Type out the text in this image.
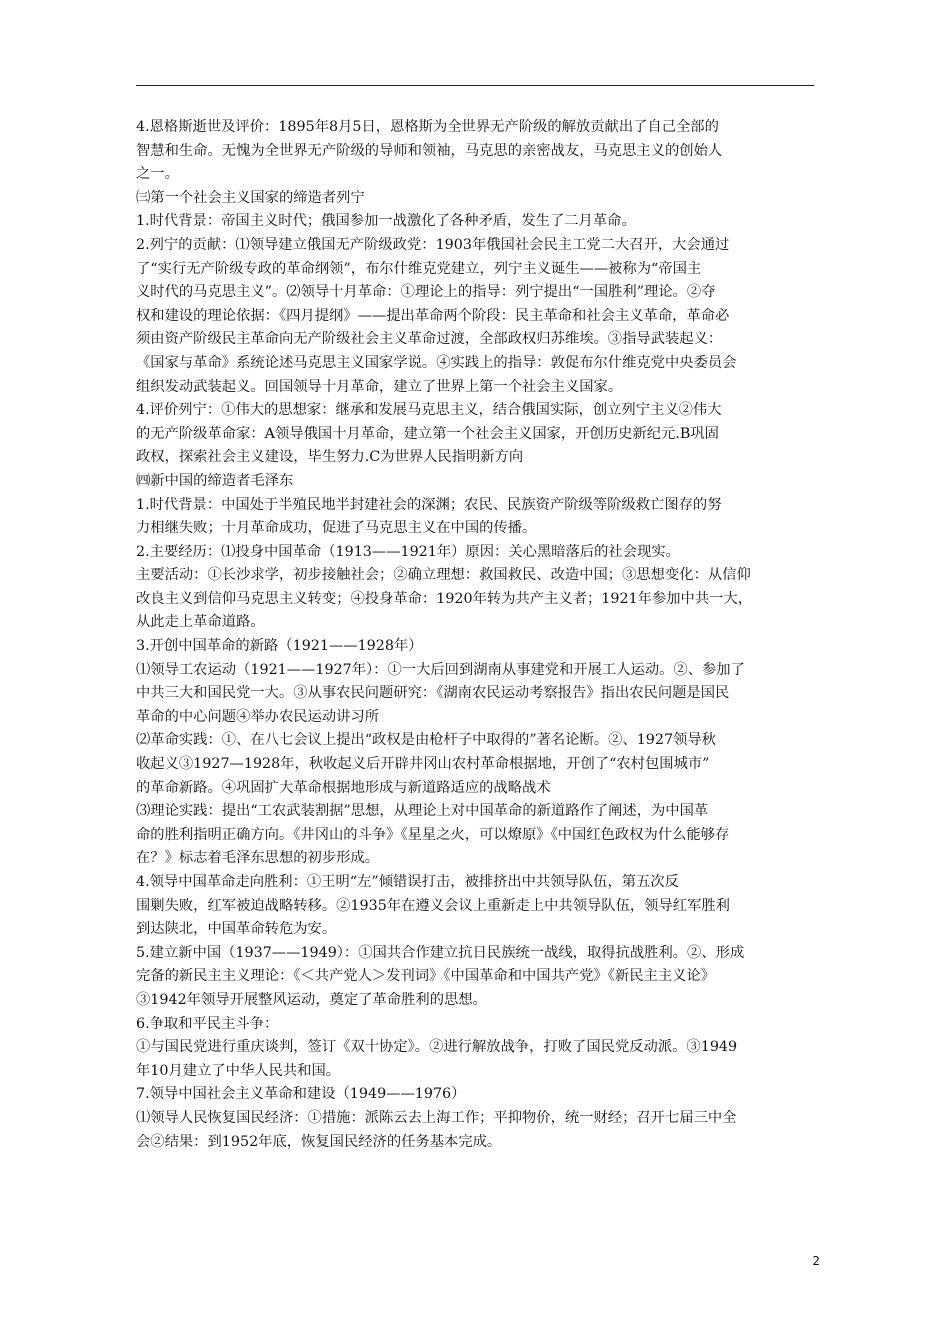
4.恩格斯逝世及评价：1895年8月5日，恩格斯为全世界无产阶级的解放贡献出了自己全部的

智慧和生命。无愧为全世界无产阶级的导师和领袖，马克思的亲密战友，马克思主义的创始人

之一。

㈢第一个社会主义国家的缔造者列宁

1.时代背景：帝国主义时代；俄国参加一战激化了各种矛盾，发生了二月革命。

2.列宁的贡献：⑴领导建立俄国无产阶级政党：1903年俄国社会民主工党二大召开，大会通过

了“实行无产阶级专政的革命纲领”，布尔什维克党建立，列宁主义诞生——被称为“帝国主

义时代的马克思主义”。⑵领导十月革命：①理论上的指导：列宁提出“一国胜利”理论。②夺

权和建设的理论依据：《四月提纲》——提出革命两个阶段：民主革命和社会主义革命，革命必

须由资产阶级民主革命向无产阶级社会主义革命过渡，全部政权归苏维埃。③指导武装起义：

《国家与革命》系统论述马克思主义国家学说。④实践上的指导：敦促布尔什维克党中央委员会

组织发动武装起义。回国领导十月革命，建立了世界上第一个社会主义国家。

4.评价列宁：①伟大的思想家：继承和发展马克思主义，结合俄国实际，创立列宁主义②伟大

的无产阶级革命家：A领导俄国十月革命，建立第一个社会主义国家，开创历史新纪元.B巩固

政权，探索社会主义建设，毕生努力.C为世界人民指明新方向

㈣新中国的缔造者毛泽东

1.时代背景：中国处于半殖民地半封建社会的深渊；农民、民族资产阶级等阶级救亡图存的努

力相继失败；十月革命成功，促进了马克思主义在中国的传播。

2.主要经历：⑴投身中国革命（1913——1921年）原因：关心黑暗落后的社会现实。

主要活动：①长沙求学，初步接触社会；②确立理想：救国救民、改造中国；③思想变化：从信仰

改良主义到信仰马克思主义转变；④投身革命：1920年转为共产主义者；1921年参加中共一大，

从此走上革命道路。

3.开创中国革命的新路（1921——1928年）

⑴领导工农运动（1921——1927年）：①一大后回到湖南从事建党和开展工人运动。②、参加了

中共三大和国民党一大。③从事农民问题研究：《湖南农民运动考察报告》指出农民问题是国民

革命的中心问题④举办农民运动讲习所

⑵革命实践：①、在八七会议上提出“政权是由枪杆子中取得的”著名论断。②、1927领导秋

收起义③1927—1928年，秋收起义后开辟井冈山农村革命根据地，开创了“农村包围城市”

的革命新路。④巩固扩大革命根据地形成与新道路适应的战略战术

⑶理论实践：提出“工农武装割据”思想，从理论上对中国革命的新道路作了阐述，为中国革

命的胜利指明正确方向。《井冈山的斗争》《星星之火，可以燎原》《中国红色政权为什么能够存

在？》标志着毛泽东思想的初步形成。

4.领导中国革命走向胜利：①王明“左”倾错误打击，被排挤出中共领导队伍，第五次反

围剿失败，红军被迫战略转移。②1935年在遵义会议上重新走上中共领导队伍，领导红军胜利

到达陕北，中国革命转危为安。

5.建立新中国（1937——1949）：①国共合作建立抗日民族统一战线，取得抗战胜利。②、形成

完备的新民主主义理论：《＜共产党人＞发刊词》《中国革命和中国共产党》《新民主主义论》

③1942年领导开展整风运动，奠定了革命胜利的思想。

6.争取和平民主斗争：

①与国民党进行重庆谈判，签订《双十协定》。②进行解放战争，打败了国民党反动派。③1949

年10月建立了中华人民共和国。

7.领导中国社会主义革命和建设（1949——1976）

⑴领导人民恢复国民经济：①措施：派陈云去上海工作；平抑物价，统一财经；召开七届三中全

会②结果：到1952年底，恢复国民经济的任务基本完成。

2
